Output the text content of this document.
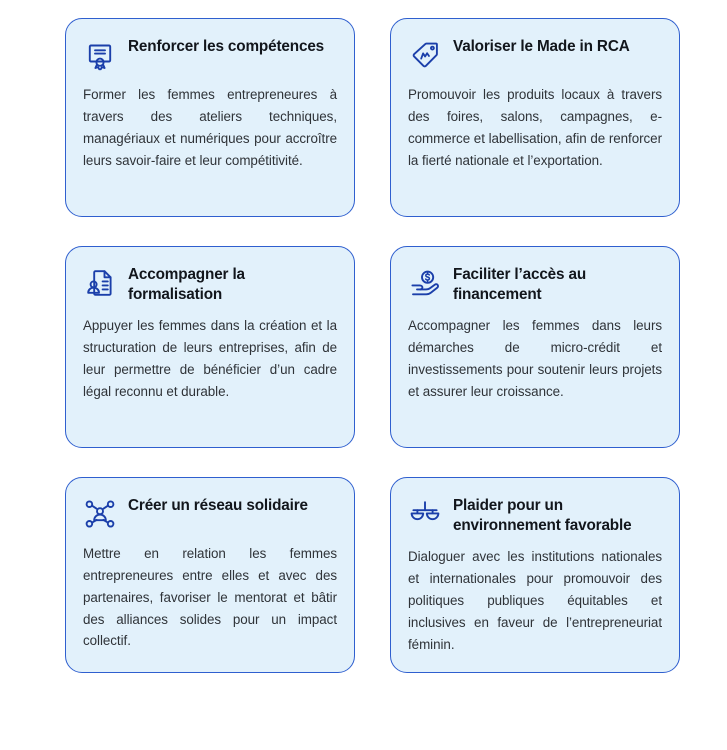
Renforcer les compétences
Former les femmes entrepreneures à travers des ateliers techniques, managériaux et numériques pour accroître leurs savoir-faire et leur compétitivité.
Valoriser le Made in RCA
Promouvoir les produits locaux à travers des foires, salons, campagnes, e-commerce et labellisation, afin de renforcer la fierté nationale et l’exportation.
Accompagner la formalisation
Appuyer les femmes dans la création et la structuration de leurs entreprises, afin de leur permettre de bénéficier d’un cadre légal reconnu et durable.
Faciliter l’accès au financement
Accompagner les femmes dans leurs démarches de micro-crédit et investissements pour soutenir leurs projets et assurer leur croissance.
Créer un réseau solidaire
Mettre en relation les femmes entrepreneures entre elles et avec des partenaires, favoriser le mentorat et bâtir des alliances solides pour un impact collectif.
Plaider pour un environnement favorable
Dialoguer avec les institutions nationales et internationales pour promouvoir des politiques publiques équitables et inclusives en faveur de l’entrepreneuriat féminin.
